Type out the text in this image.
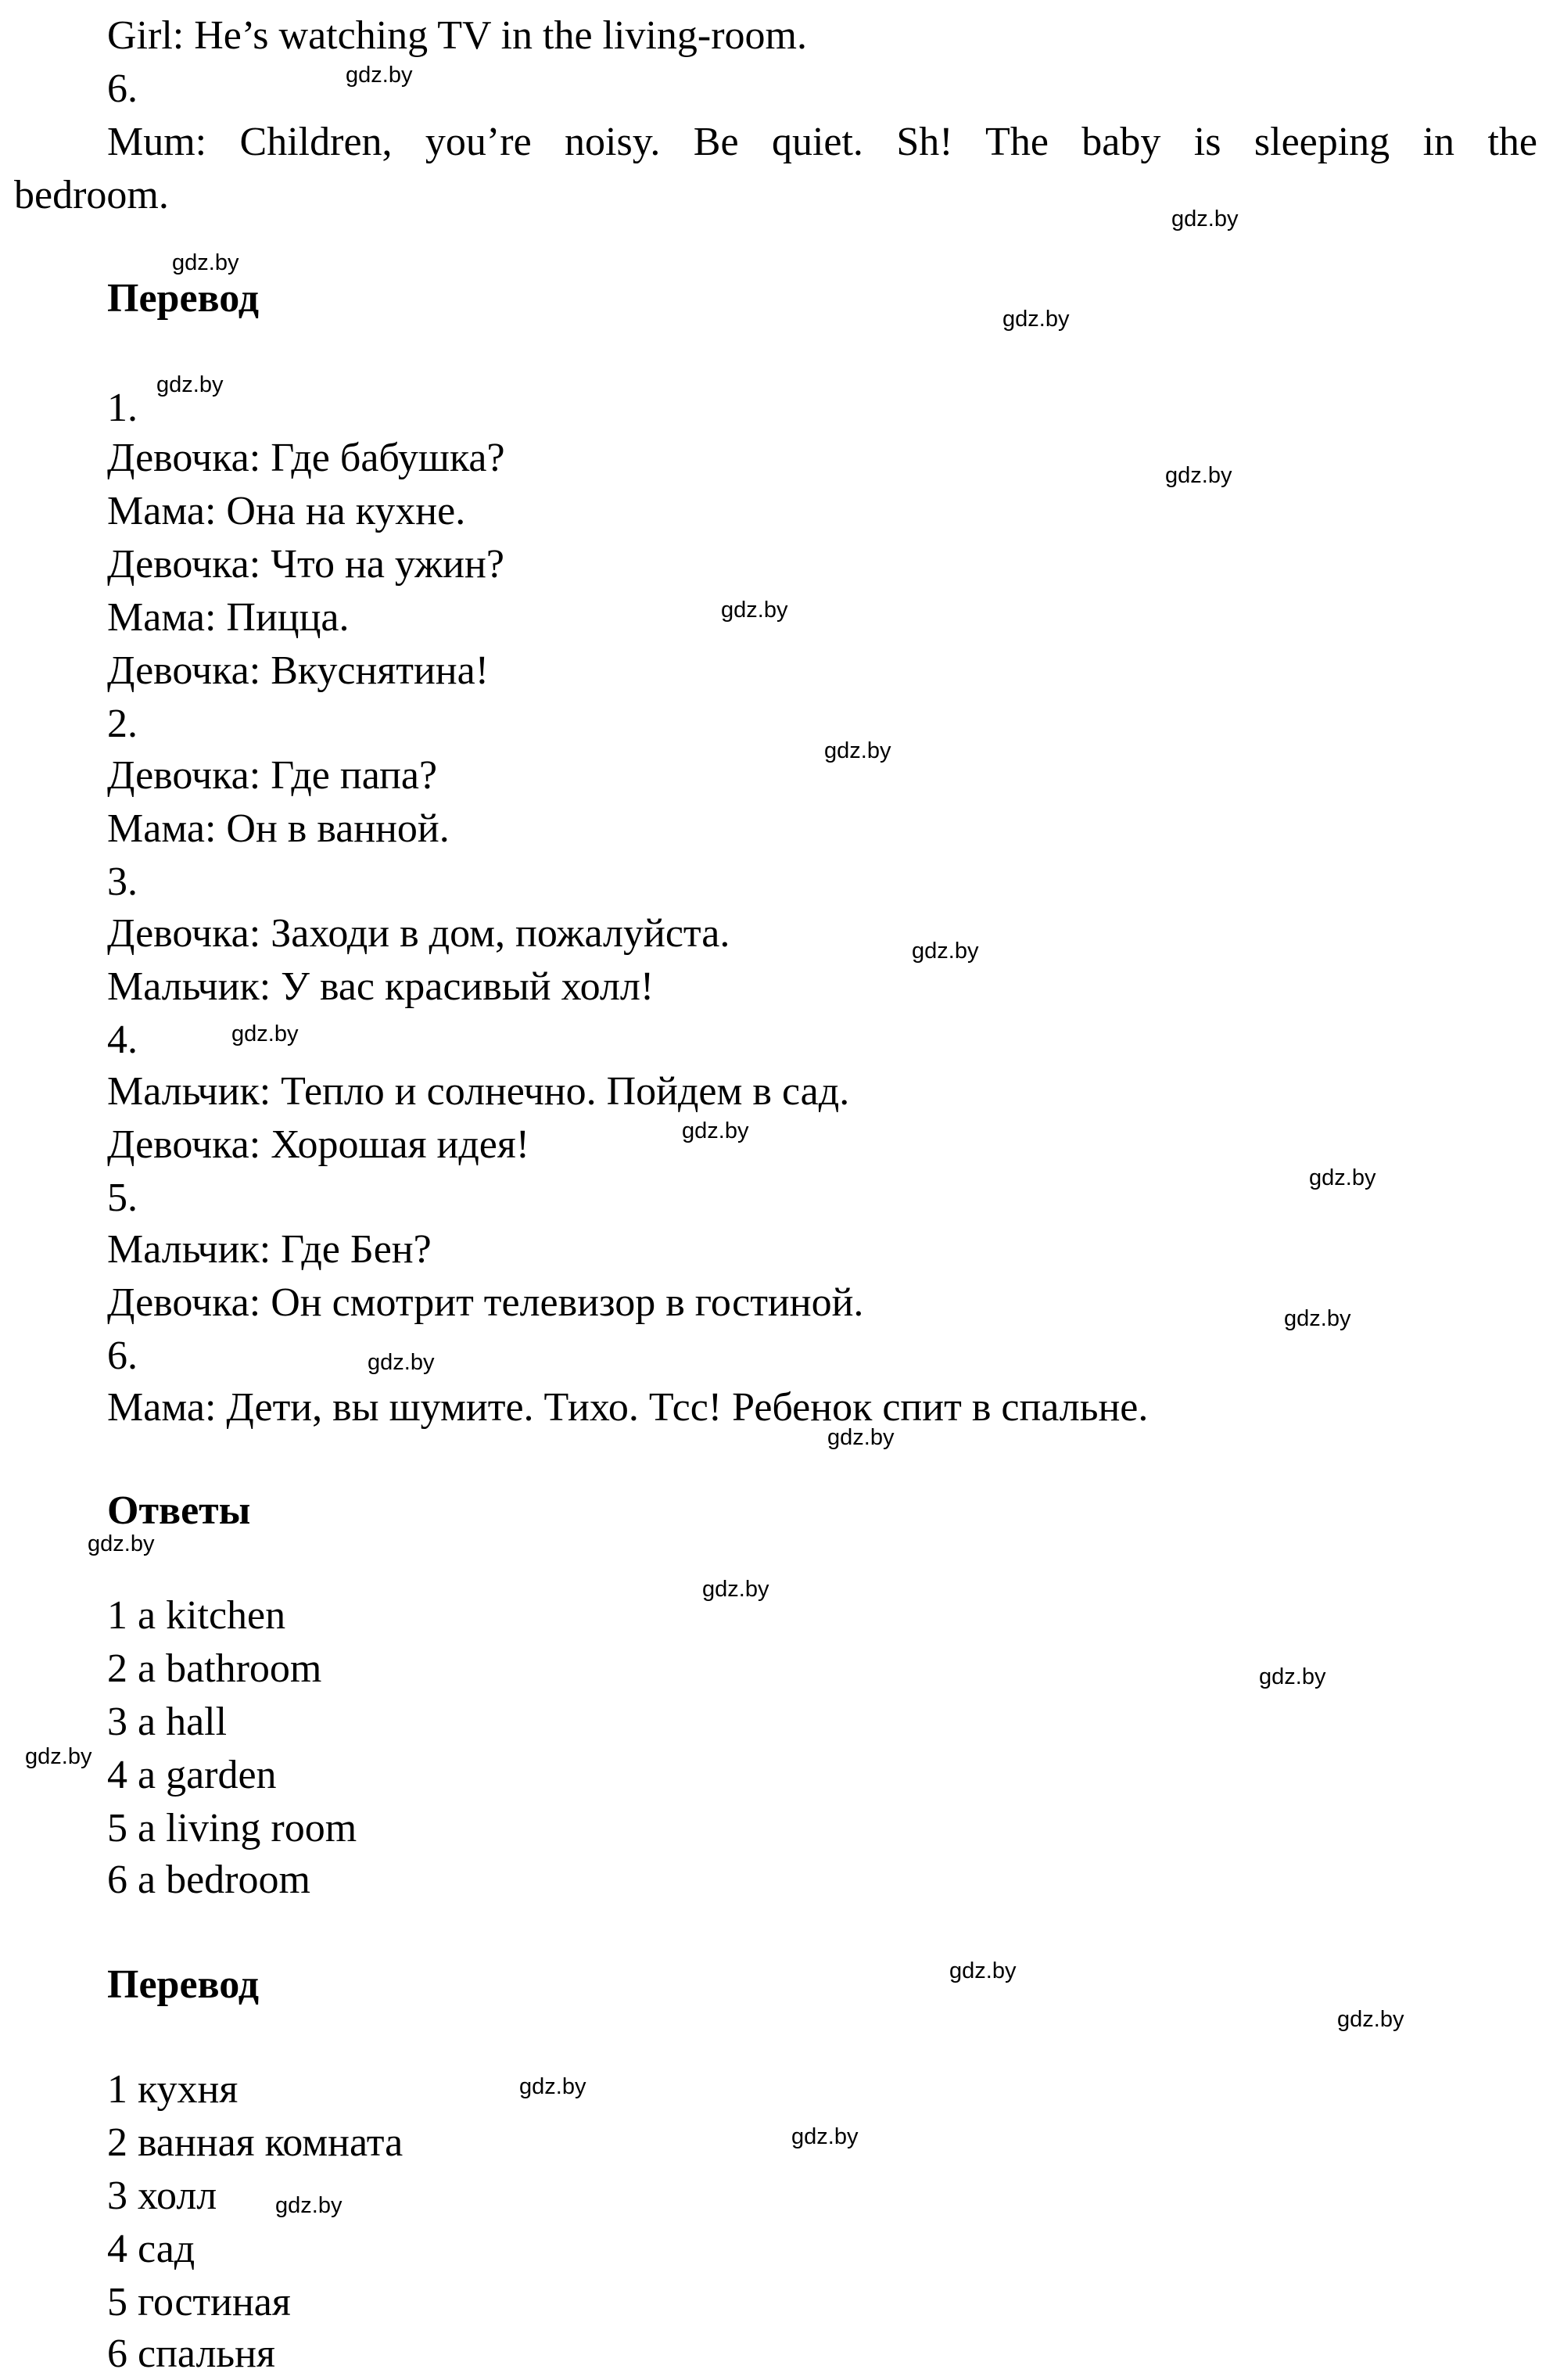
Girl: He’s watching TV in the living-room.
6.
Mum: Children, you’re noisy. Be quiet. Sh! The baby is sleeping in the
bedroom.
Перевод
1.
Девочка: Где бабушка?
Мама: Она на кухне.
Девочка: Что на ужин?
Мама: Пицца.
Девочка: Вкуснятина!
2.
Девочка: Где папа?
Мама: Он в ванной.
3.
Девочка: Заходи в дом, пожалуйста.
Мальчик: У вас красивый холл!
4.
Мальчик: Тепло и солнечно. Пойдем в сад.
Девочка: Хорошая идея!
5.
Мальчик: Где Бен?
Девочка: Он смотрит телевизор в гостиной.
6.
Мама: Дети, вы шумите. Тихо. Тсс! Ребенок спит в спальне.
Ответы
1 a kitchen
2 a bathroom
3 a hall
4 a garden
5 a living room
6 a bedroom
Перевод
1 кухня
2 ванная комната
3 холл
4 сад
5 гостиная
6 спальня
gdz.by
gdz.by
gdz.by
gdz.by
gdz.by
gdz.by
gdz.by
gdz.by
gdz.by
gdz.by
gdz.by
gdz.by
gdz.by
gdz.by
gdz.by
gdz.by
gdz.by
gdz.by
gdz.by
gdz.by
gdz.by
gdz.by
gdz.by
gdz.by
